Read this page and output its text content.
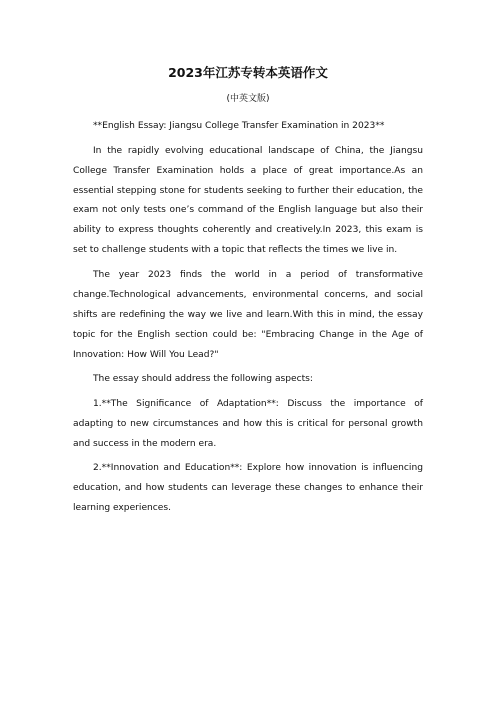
2023年江苏专转本英语作文
(中英文版)

**English Essay: Jiangsu College Transfer Examination in 2023**

In the rapidly evolving educational landscape of China, the Jiangsu College Transfer Examination holds a place of great importance.As an essential stepping stone for students seeking to further their education, the exam not only tests one’s command of the English language but also their ability to express thoughts coherently and creatively.In 2023, this exam is set to challenge students with a topic that reflects the times we live in.

The year 2023 finds the world in a period of transformative change.Technological advancements, environmental concerns, and social shifts are redefining the way we live and learn.With this in mind, the essay topic for the English section could be: "Embracing Change in the Age of Innovation: How Will You Lead?"

The essay should address the following aspects:

1.**The Significance of Adaptation**: Discuss the importance of adapting to new circumstances and how this is critical for personal growth and success in the modern era.

2.**Innovation and Education**: Explore how innovation is influencing education, and how students can leverage these changes to enhance their learning experiences.
